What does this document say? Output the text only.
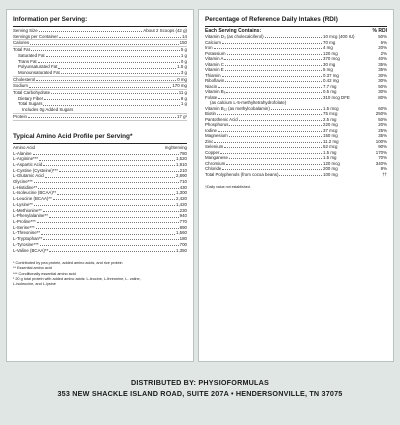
Information per Serving:
Serving Size	About 2 Scoops (42 g)
Servings per Container	14
Calories	150
Total Fat	5 g
Saturated Fat	1 g
Trans Fat	0 g
Polyunsaturated Fat	1.5 g
Monounsaturated Fat	3 g
Cholesterol	0 mg
Sodium	170 mg
Total Carbohydrate	11 g
Dietary Fiber	8 g
Total Sugars	1 g
Includes 0g Added Sugars
Protein	17 g¹
Typical Amino Acid Profile per Serving*
Amino Acid	mg/Serving
L-Alanine	780
L-Arginine***	1,520
L-Aspartic Acid	1,910
L-Cystine (Cysteine)***	210
L-Glutamic Acid	2,890
Glycine***	710
L-Histidine**	430
L-Isoleucine (BCAA)**	1,300
L-Leucine (BCAA)**	2,420
L-Lysine**	1,420
L-Methionine**	230
L-Phenylalanine**	940
L-Proline***	770
L-Serine***	890
L-Threonine**	1,560
L-Tryptophan**	180
L-Tyrosine***	700
L-Valine (BCAA)**	1,350
* Contributed by pea protein, added amino acids, and rice protein
** Essential amino acid
*** Conditionally essential amino acid
¹ 20 g total protein with added amino acids: L-leucine, L-threonine, L- valine,
L-isoleucine, and L-lysine
Percentage of Reference Daily Intakes (RDI)
Each Serving Contains:	% RDI
Vitamin D₃ (as cholecalciferol)	10 mcg (400 IU)	50%
Calcium	70 mg	6%
Iron	4 mg	20%
Potassium	120 mg	2%
Vitamin A	370 mcg	40%
Vitamin C	30 mg	35%
Vitamin E	5 mg	35%
Thiamin	0.37 mg	30%
Riboflavin	0.42 mg	30%
Niacin	7.7 mg	50%
Vitamin B₆	0.5 mg	30%
Folate	310 mcg DFE	80%
(as calcium L-5-methyltetrahydrofolate)
Vitamin B₁₂ (as methylcobalamin)	1.5 mcg	60%
Biotin	75 mcg	250%
Pantothenic Acid	2.5 mg	50%
Phosphorus	220 mg	20%
Iodine	37 mcg	25%
Magnesium	150 mg	35%
Zinc	11.2 mg	100%
Selenium	52 mcg	90%
Copper	1.5 mg	170%
Manganese	1.5 mg	70%
Chromium	120 mcg	340%
Chloride	200 mg	8%
Total Polyphenols (from cocoa beans)	100 mg	††
†Daily value not established.
DISTRIBUTED BY: PHYSIOFORMULAS
353 NEW SHACKLE ISLAND ROAD, SUITE 207A • HENDERSONVILLE, TN 37075
